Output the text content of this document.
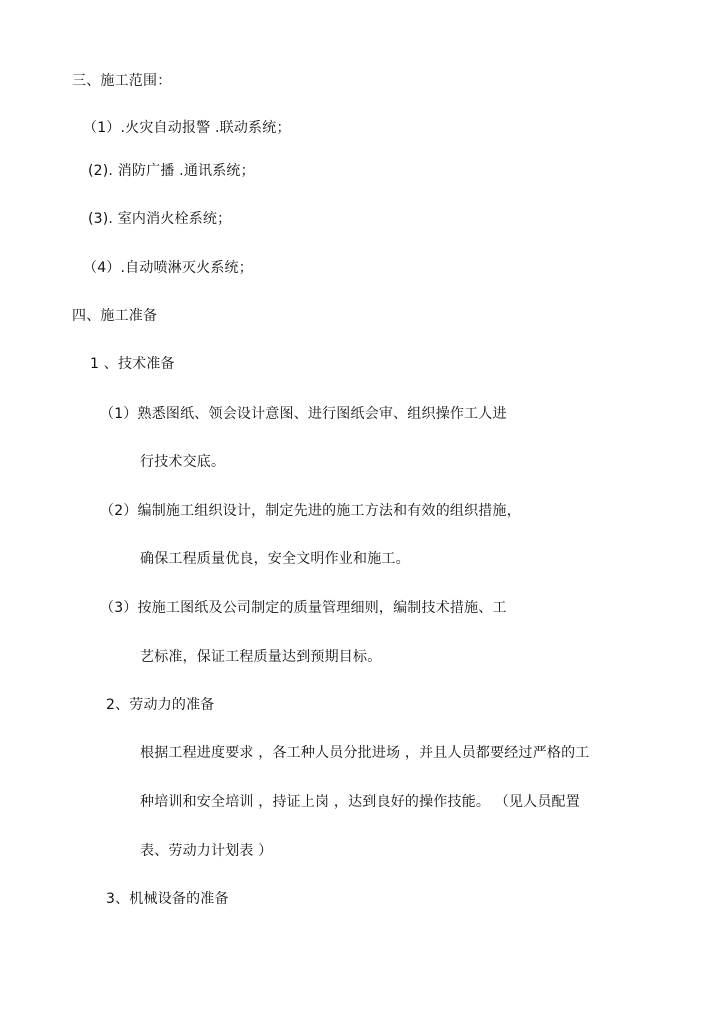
三、施工范围：
（1）.火灾自动报警 .联动系统；
(2). 消防广播 .通讯系统；
(3). 室内消火栓系统；
（4）.自动喷淋灭火系统；
四、施工准备
1 、技术准备
（1）熟悉图纸、领会设计意图、进行图纸会审、组织操作工人进
行技术交底。
（2）编制施工组织设计，制定先进的施工方法和有效的组织措施，
确保工程质量优良，安全文明作业和施工。
（3）按施工图纸及公司制定的质量管理细则，编制技术措施、工
艺标准，保证工程质量达到预期目标。
2、劳动力的准备
根据工程进度要求 ，各工种人员分批进场 ，并且人员都要经过严格的工
种培训和安全培训 ，持证上岗 ，达到良好的操作技能。 （见人员配置
表、劳动力计划表 ）
3、机械设备的准备
